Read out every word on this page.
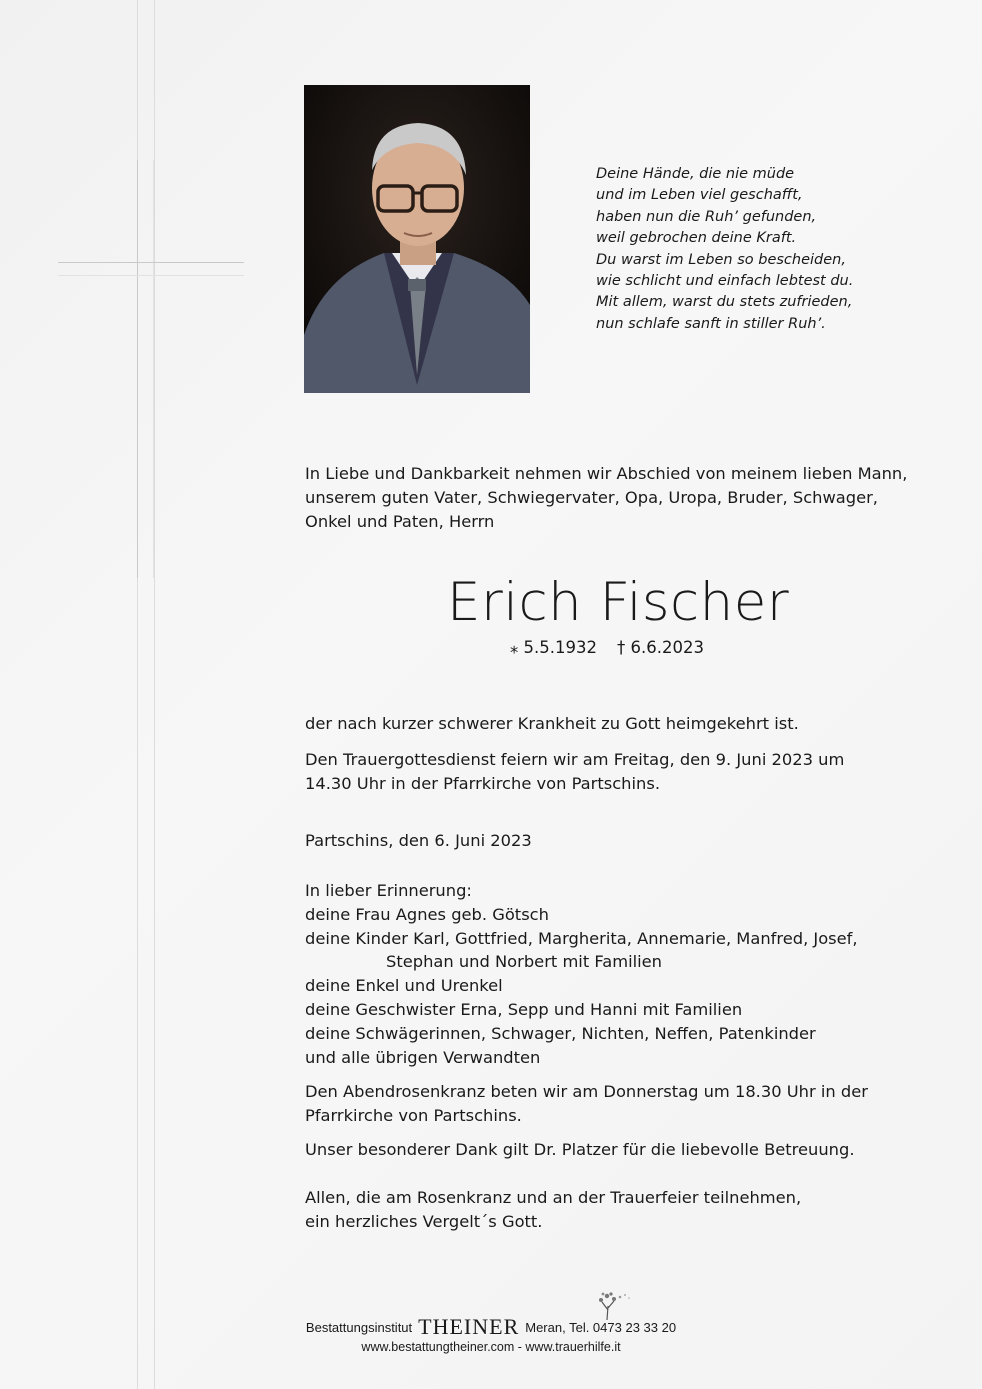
Deine Hände, die nie müde
und im Leben viel geschafft,
haben nun die Ruh’ gefunden,
weil gebrochen deine Kraft.
Du warst im Leben so bescheiden,
wie schlicht und einfach lebtest du.
Mit allem, warst du stets zufrieden,
nun schlafe sanft in stiller Ruh’.
In Liebe und Dankbarkeit nehmen wir Abschied von meinem lieben Mann,
unserem guten Vater, Schwiegervater, Opa, Uropa, Bruder, Schwager,
Onkel und Paten, Herrn
Erich Fischer
⁎ 5.5.1932 † 6.6.2023
der nach kurzer schwerer Krankheit zu Gott heimgekehrt ist.
Den Trauergottesdienst feiern wir am Freitag, den 9. Juni 2023 um
14.30 Uhr in der Pfarrkirche von Partschins.
Partschins, den 6. Juni 2023
In lieber Erinnerung:
deine Frau Agnes geb. Götsch
deine Kinder Karl, Gottfried, Margherita, Annemarie, Manfred, Josef,
Stephan und Norbert mit Familien
deine Enkel und Urenkel
deine Geschwister Erna, Sepp und Hanni mit Familien
deine Schwägerinnen, Schwager, Nichten, Neffen, Patenkinder
und alle übrigen Verwandten
Den Abendrosenkranz beten wir am Donnerstag um 18.30 Uhr in der
Pfarrkirche von Partschins.
Unser besonderer Dank gilt Dr. Platzer für die liebevolle Betreuung.
Allen, die am Rosenkranz und an der Trauerfeier teilnehmen,
ein herzliches Vergelt´s Gott.
Bestattungsinstitut THEINER Meran, Tel. 0473 23 33 20
www.bestattungtheiner.com - www.trauerhilfe.it
